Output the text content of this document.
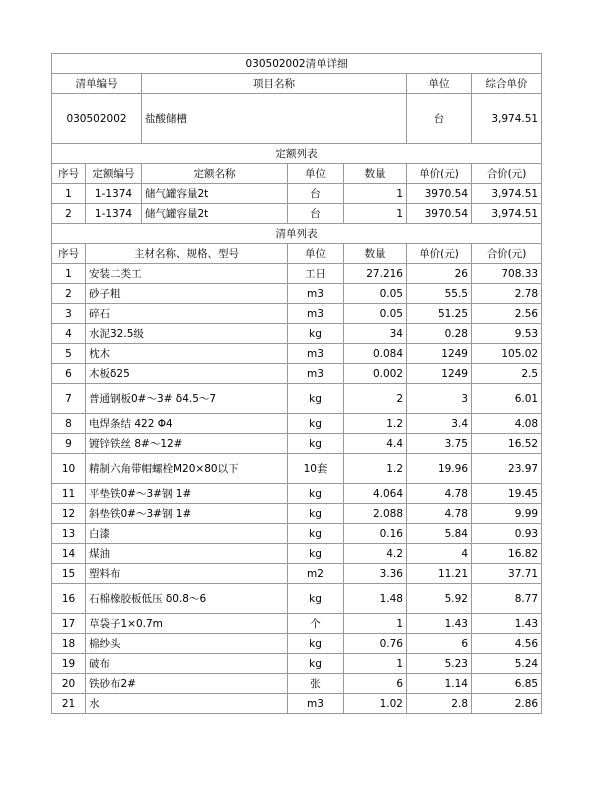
030502002清单详细						
清单编号		项目名称			单位	综合单价
030502002		盐酸储槽			台	3,974.51
定额列表						
序号	定额编号	定额名称	单位	数量	单价(元)	合价(元)
1	1-1374	储气罐容量2t	台	1	3970.54	3,974.51
2	1-1374	储气罐容量2t	台	1	3970.54	3,974.51
清单列表						
序号	主材名称、规格、型号		单位	数量	单价(元)	合价(元)
1	安装二类工		工日	27.216	26	708.33
2	砂子粗		m3	0.05	55.5	2.78
3	碎石		m3	0.05	51.25	2.56
4	水泥32.5级		kg	34	0.28	9.53
5	枕木		m3	0.084	1249	105.02
6	木板δ25		m3	0.002	1249	2.5
7	普通钢板0#～3# δ4.5～7		kg	2	3	6.01
8	电焊条结 422 Φ4		kg	1.2	3.4	4.08
9	镀锌铁丝 8#～12#		kg	4.4	3.75	16.52
10	精制六角带帽螺栓M20×80以下		10套	1.2	19.96	23.97
11	平垫铁0#～3#钢 1#		kg	4.064	4.78	19.45
12	斜垫铁0#～3#钢 1#		kg	2.088	4.78	9.99
13	白漆		kg	0.16	5.84	0.93
14	煤油		kg	4.2	4	16.82
15	塑料布		m2	3.36	11.21	37.71
16	石棉橡胶板低压 δ0.8～6		kg	1.48	5.92	8.77
17	草袋子1×0.7m		个	1	1.43	1.43
18	棉纱头		kg	0.76	6	4.56
19	破布		kg	1	5.23	5.24
20	铁砂布2#		张	6	1.14	6.85
21	水		m3	1.02	2.8	2.86
